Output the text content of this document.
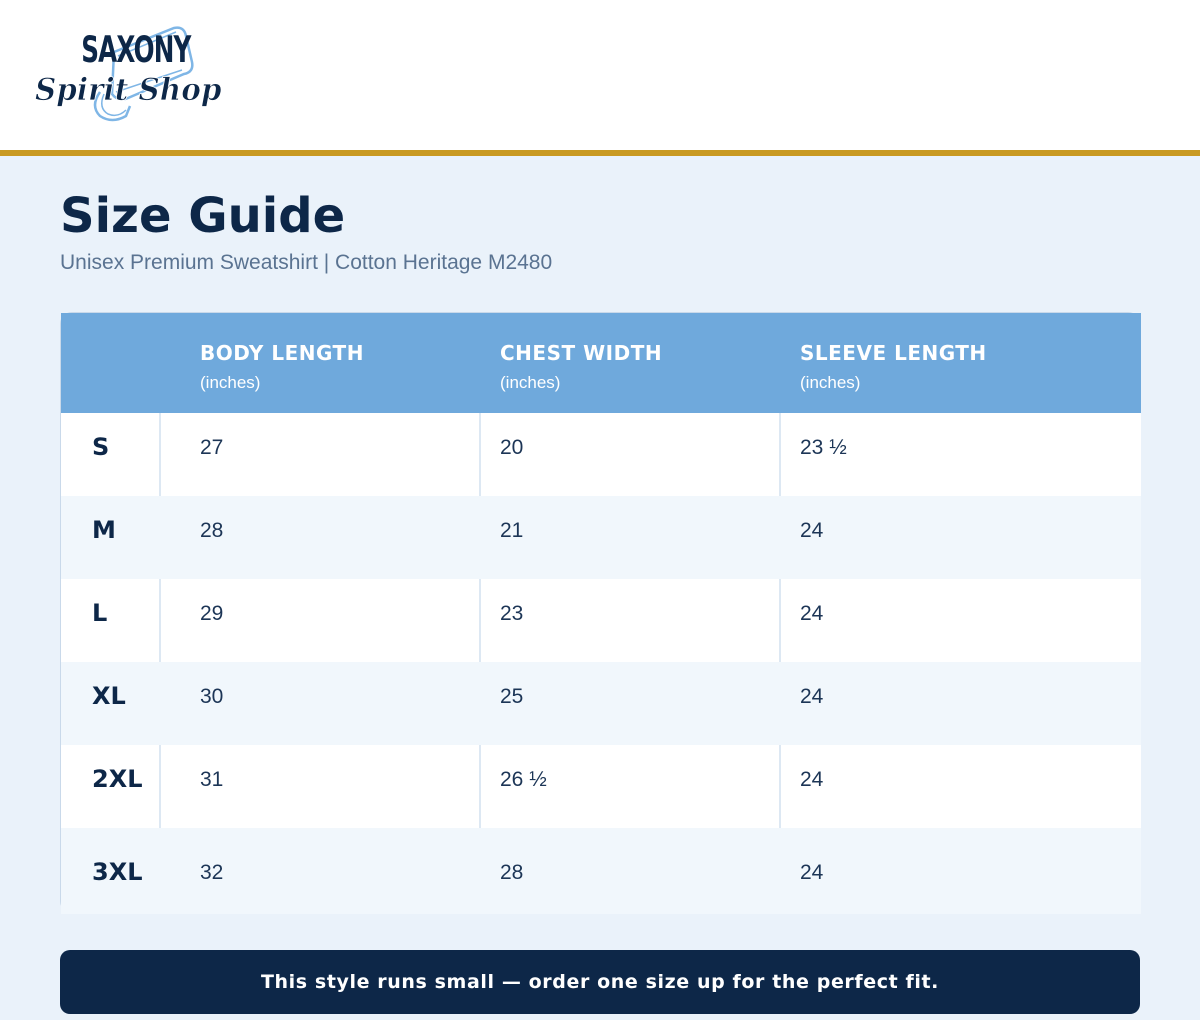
SAXONY
Spirit Shop
Size Guide

Unisex Premium Sweatshirt | Cotton Heritage M2480

BODY LENGTH
(inches)
CHEST WIDTH
(inches)
SLEEVE LENGTH
(inches)
S	27	20	23 ½
M	28	21	24
L	29	23	24
XL	30	25	24
2XL	31	26 ½	24
3XL	32	28	24
This style runs small — order one size up for the perfect fit.
